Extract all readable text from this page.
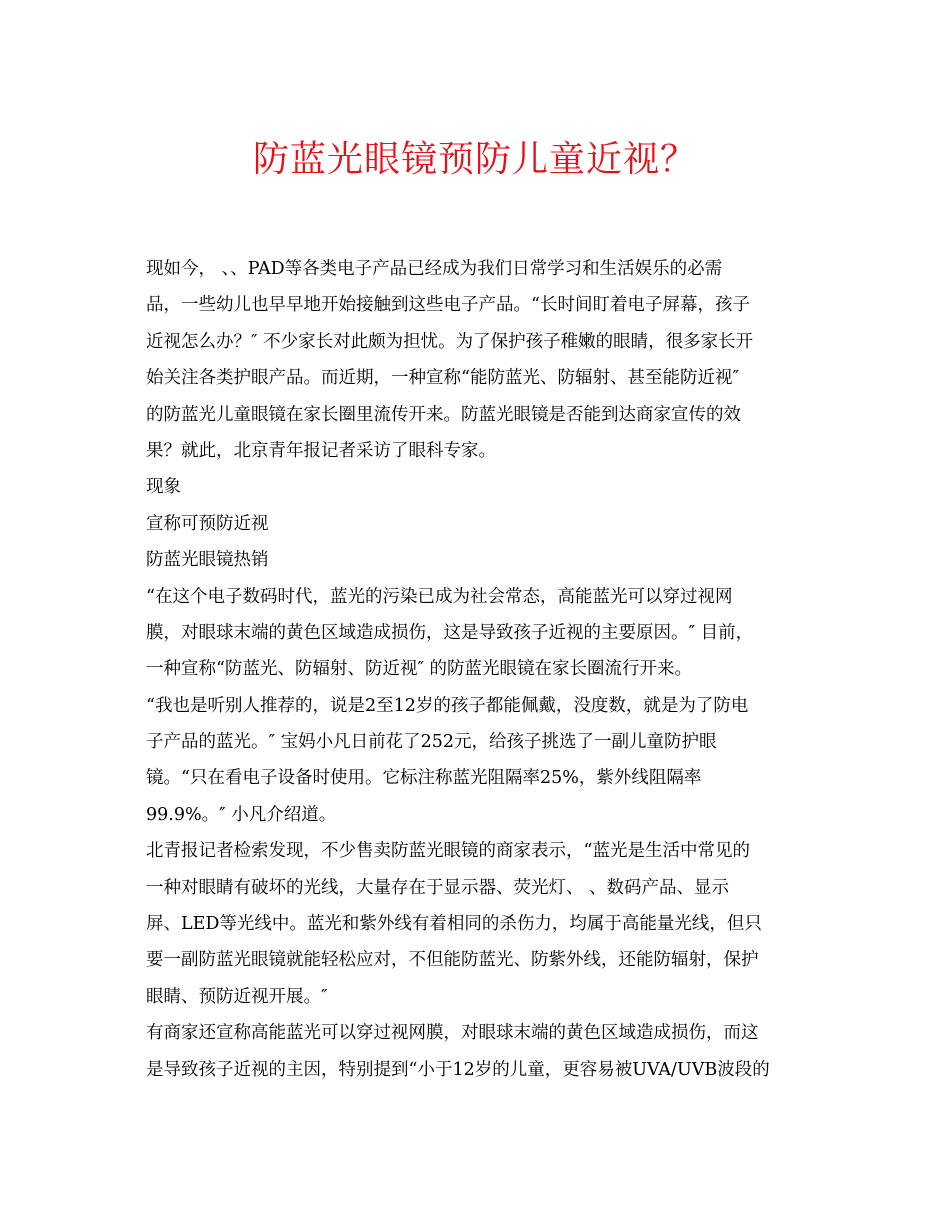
防蓝光眼镜预防儿童近视？
现如今， 、、PAD等各类电子产品已经成为我们日常学习和生活娱乐的必需
品，一些幼儿也早早地开始接触到这些电子产品。“长时间盯着电子屏幕，孩子
近视怎么办？″ 不少家长对此颇为担忧。为了保护孩子稚嫩的眼睛，很多家长开
始关注各类护眼产品。而近期，一种宣称“能防蓝光、防辐射、甚至能防近视″
的防蓝光儿童眼镜在家长圈里流传开来。防蓝光眼镜是否能到达商家宣传的效
果？就此，北京青年报记者采访了眼科专家。
现象
宣称可预防近视
防蓝光眼镜热销
“在这个电子数码时代，蓝光的污染已成为社会常态，高能蓝光可以穿过视网
膜，对眼球末端的黄色区域造成损伤，这是导致孩子近视的主要原因。″ 目前，
一种宣称“防蓝光、防辐射、防近视″ 的防蓝光眼镜在家长圈流行开来。
“我也是听别人推荐的，说是2至12岁的孩子都能佩戴，没度数，就是为了防电
子产品的蓝光。″ 宝妈小凡日前花了252元，给孩子挑选了一副儿童防护眼
镜。“只在看电子设备时使用。它标注称蓝光阻隔率25%，紫外线阻隔率
99.9%。″ 小凡介绍道。
北青报记者检索发现，不少售卖防蓝光眼镜的商家表示，“蓝光是生活中常见的
一种对眼睛有破坏的光线，大量存在于显示器、荧光灯、 、数码产品、显示
屏、LED等光线中。蓝光和紫外线有着相同的杀伤力，均属于高能量光线，但只
要一副防蓝光眼镜就能轻松应对，不但能防蓝光、防紫外线，还能防辐射，保护
眼睛、预防近视开展。″
有商家还宣称高能蓝光可以穿过视网膜，对眼球末端的黄色区域造成损伤，而这
是导致孩子近视的主因，特别提到“小于12岁的儿童，更容易被UVA/UVB波段的
